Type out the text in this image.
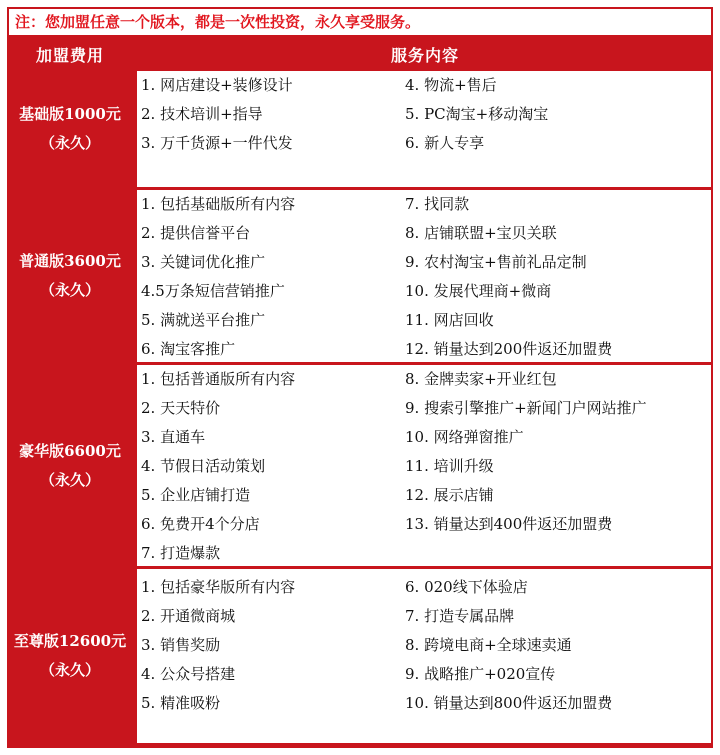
注：您加盟任意一个版本，都是一次性投资，永久享受服务。
加盟费用	服务内容
基础版1000元
（永久）
1. 网店建设+装修设计
2. 技术培训+指导
3. 万千货源+一件代发
4. 物流+售后
5. PC淘宝+移动淘宝
6. 新人专享
普通版3600元
（永久）
1. 包括基础版所有内容
2. 提供信誉平台
3. 关键词优化推广
4.5万条短信营销推广
5. 满就送平台推广
6. 淘宝客推广
7. 找同款
8. 店铺联盟+宝贝关联
9. 农村淘宝+售前礼品定制
10. 发展代理商+微商
11. 网店回收
12. 销量达到200件返还加盟费
豪华版6600元
（永久）
1. 包括普通版所有内容
2. 天天特价
3. 直通车
4. 节假日活动策划
5. 企业店铺打造
6. 免费开4个分店
7. 打造爆款
8. 金牌卖家+开业红包
9. 搜索引擎推广+新闻门户网站推广
10. 网络弹窗推广
11. 培训升级
12. 展示店铺
13. 销量达到400件返还加盟费
至尊版12600元
（永久）
1. 包括豪华版所有内容
2. 开通微商城
3. 销售奖励
4. 公众号搭建
5. 精准吸粉
6. 020线下体验店
7. 打造专属品牌
8. 跨境电商+全球速卖通
9. 战略推广+020宣传
10. 销量达到800件返还加盟费
